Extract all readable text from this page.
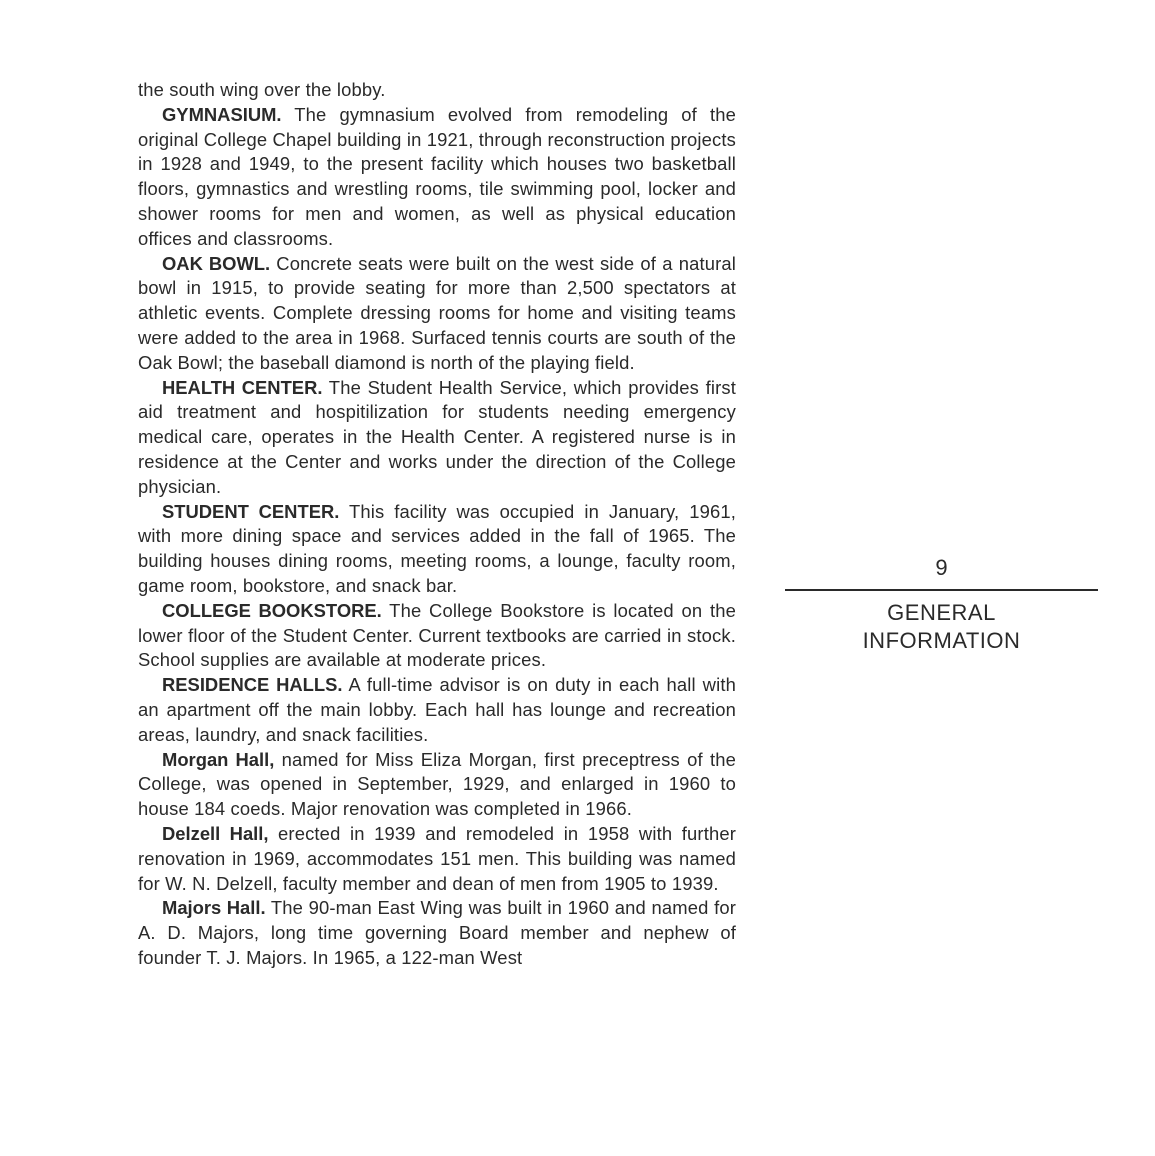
the south wing over the lobby.

GYMNASIUM. The gymnasium evolved from remodeling of the original College Chapel building in 1921, through reconstruction projects in 1928 and 1949, to the present facility which houses two basketball floors, gymnastics and wrestling rooms, tile swimming pool, locker and shower rooms for men and women, as well as physical education offices and classrooms.

OAK BOWL. Concrete seats were built on the west side of a natural bowl in 1915, to provide seating for more than 2,500 spectators at athletic events. Complete dressing rooms for home and visiting teams were added to the area in 1968. Surfaced tennis courts are south of the Oak Bowl; the baseball diamond is north of the playing field.

HEALTH CENTER. The Student Health Service, which provides first aid treatment and hospitilization for students needing emergency medical care, operates in the Health Center. A registered nurse is in residence at the Center and works under the direction of the College physician.

STUDENT CENTER. This facility was occupied in January, 1961, with more dining space and services added in the fall of 1965. The building houses dining rooms, meeting rooms, a lounge, faculty room, game room, bookstore, and snack bar.

COLLEGE BOOKSTORE. The College Bookstore is located on the lower floor of the Student Center. Current textbooks are carried in stock. School supplies are available at moderate prices.

RESIDENCE HALLS. A full-time advisor is on duty in each hall with an apartment off the main lobby. Each hall has lounge and recreation areas, laundry, and snack facilities.

Morgan Hall, named for Miss Eliza Morgan, first preceptress of the College, was opened in September, 1929, and enlarged in 1960 to house 184 coeds. Major renovation was completed in 1966.

Delzell Hall, erected in 1939 and remodeled in 1958 with further renovation in 1969, accommodates 151 men. This building was named for W. N. Delzell, faculty member and dean of men from 1905 to 1939.

Majors Hall. The 90-man East Wing was built in 1960 and named for A. D. Majors, long time governing Board member and nephew of founder T. J. Majors. In 1965, a 122-man West

9
GENERAL
INFORMATION
